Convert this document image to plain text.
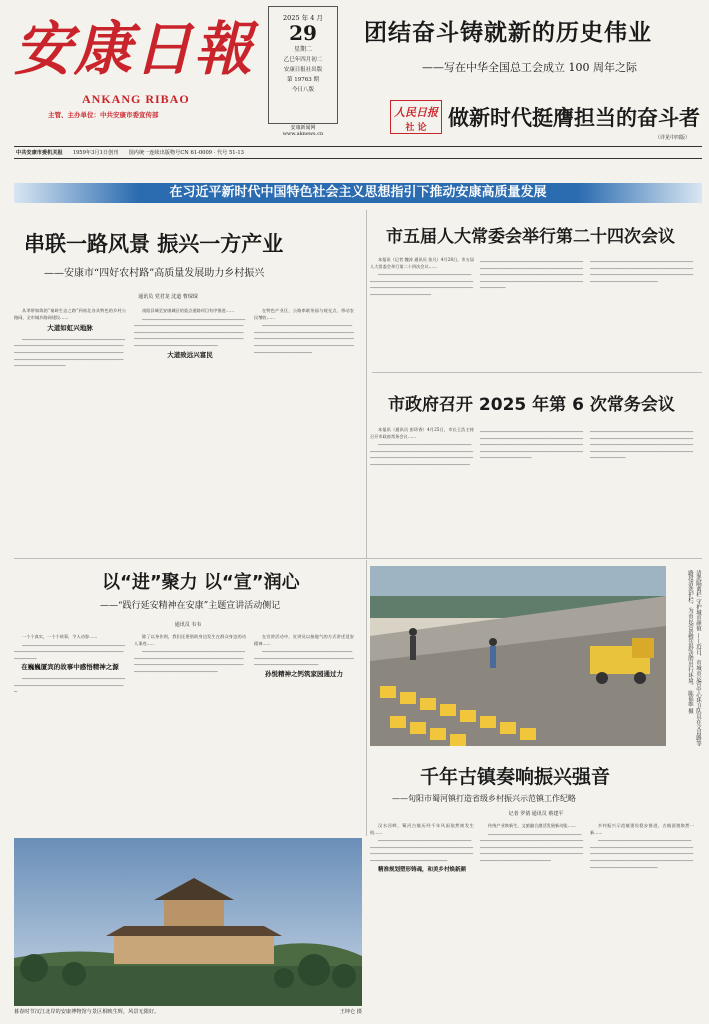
安康日報
ANKANG RIBAO
主管、主办单位：中共安康市委宣传部
2025 年 4 月
29
星期二
乙巳年四月初二
安康日报社出版
第 19763 期
今日八版
安康新闻网
www.aknews.cn
团结奋斗铸就新的历史伟业
——写在中华全国总工会成立 100 周年之际
人民日报
社 论	做新时代挺膺担当的奋斗者
（详见中四版）
中共安康市委机关报 1959年3月1日创刊 国内统一连续出版物号CN 61-0009 · 代号 51-13
在习近平新时代中国特色社会主义思想指引下推动安康高质量发展
串联一路风景 振兴一方产业
——安康市“四好农村路”高质量发展助力乡村振兴
通讯员 党君龙 沈道 曹琛琛

从翠带如练的“秦岭生态之路”到南北各具特色的乡村公路网，全市城乡路网建设……

大道如虹兴地脉

▁▁▁▁▁▁▁▁▁▁▁▁▁▁▁▁▁▁▁▁▁▁▁▁▁▁▁▁▁▁▁▁▁▁▁▁▁▁▁▁▁▁▁▁▁▁▁▁▁▁▁▁▁▁▁▁▁▁▁▁▁▁▁▁▁▁▁▁▁▁▁▁▁▁▁▁▁▁▁▁▁▁▁▁▁▁▁▁▁▁▁▁▁▁▁▁▁▁▁▁▁▁▁▁▁▁▁▁▁▁▁▁▁▁▁▁▁▁▁▁▁▁▁▁▁▁▁▁▁▁▁▁▁▁▁▁▁▁▁▁▁▁▁▁▁▁▁▁▁▁

南阳县城至安康城区的重点道路项目有序推进……

▁▁▁▁▁▁▁▁▁▁▁▁▁▁▁▁▁▁▁▁▁▁▁▁▁▁▁▁▁▁▁▁▁▁▁▁▁▁▁▁▁▁▁▁▁▁▁▁▁▁▁▁▁▁▁▁▁▁▁▁▁▁▁▁▁▁▁▁▁▁▁▁▁▁▁▁▁▁▁▁▁▁▁▁▁▁▁▁▁▁▁▁▁▁▁▁▁▁▁▁▁▁▁▁▁▁▁▁▁▁▁▁▁▁▁▁▁▁▁▁▁▁▁▁▁▁▁▁▁▁▁▁▁▁▁▁▁▁▁▁▁▁▁▁▁▁▁▁▁▁▁▁▁▁▁▁▁▁▁▁

大道致远兴富民

在特色产业区，公路串联茶园与观光点，带动农民增收……

▁▁▁▁▁▁▁▁▁▁▁▁▁▁▁▁▁▁▁▁▁▁▁▁▁▁▁▁▁▁▁▁▁▁▁▁▁▁▁▁▁▁▁▁▁▁▁▁▁▁▁▁▁▁▁▁▁▁▁▁▁▁▁▁▁▁▁▁▁▁▁▁▁▁▁▁▁▁▁▁▁▁▁▁▁▁▁▁▁▁▁▁▁▁▁▁▁▁▁▁▁▁▁▁▁▁▁▁▁▁▁▁▁▁▁▁▁▁▁▁▁▁▁▁▁▁▁▁▁▁▁▁▁▁▁▁▁▁▁

市五届人大常委会举行第二十四次会议

本报讯（记者 魏涛 通讯员 张凡）4月28日，市五届人大常委会举行第二十四次会议……

▁▁▁▁▁▁▁▁▁▁▁▁▁▁▁▁▁▁▁▁▁▁▁▁▁▁▁▁▁▁▁▁▁▁▁▁▁▁▁▁▁▁▁▁▁▁▁▁▁▁▁▁▁▁▁▁▁▁▁▁▁▁▁▁▁▁▁▁▁▁▁▁▁▁▁▁▁▁▁▁▁▁▁▁▁▁▁▁▁▁▁▁▁▁▁▁▁▁▁▁▁▁▁▁▁▁▁▁▁▁▁▁

▁▁▁▁▁▁▁▁▁▁▁▁▁▁▁▁▁▁▁▁▁▁▁▁▁▁▁▁▁▁▁▁▁▁▁▁▁▁▁▁▁▁▁▁▁▁▁▁▁▁▁▁▁▁▁▁▁▁▁▁▁▁▁▁▁▁▁▁▁▁▁▁▁▁▁▁▁▁▁▁▁▁▁▁▁▁▁▁▁▁▁▁▁▁▁▁▁▁▁▁▁▁▁▁▁▁▁▁▁▁▁▁▁▁▁▁▁▁▁▁▁▁▁▁▁▁▁▁▁▁▁▁▁▁▁▁
▁▁▁▁▁▁▁▁▁▁▁▁▁▁▁▁▁▁▁▁▁▁▁▁▁▁▁▁▁▁▁▁▁▁▁▁▁▁▁▁▁▁▁▁▁▁▁▁▁▁▁▁▁▁▁▁▁▁▁▁▁▁▁▁▁▁▁▁▁▁▁▁▁▁▁▁▁▁▁▁▁▁▁▁▁▁▁▁▁▁▁▁▁▁▁▁▁▁▁▁▁▁▁▁▁▁▁▁▁▁▁▁▁▁▁▁▁
市政府召开 2025 年第 6 次常务会议

本报讯（通讯员 彭珍香）4月25日，市长王浩主持召开市政府常务会议……

▁▁▁▁▁▁▁▁▁▁▁▁▁▁▁▁▁▁▁▁▁▁▁▁▁▁▁▁▁▁▁▁▁▁▁▁▁▁▁▁▁▁▁▁▁▁▁▁▁▁▁▁▁▁▁▁▁▁▁▁▁▁▁▁▁▁▁▁▁▁▁▁▁▁▁▁▁▁▁▁▁▁▁▁▁▁▁▁▁▁▁▁▁▁▁▁▁▁▁▁▁▁▁▁▁▁▁▁▁▁▁▁▁▁▁▁▁▁▁▁▁▁▁▁

▁▁▁▁▁▁▁▁▁▁▁▁▁▁▁▁▁▁▁▁▁▁▁▁▁▁▁▁▁▁▁▁▁▁▁▁▁▁▁▁▁▁▁▁▁▁▁▁▁▁▁▁▁▁▁▁▁▁▁▁▁▁▁▁▁▁▁▁▁▁▁▁▁▁▁▁▁▁▁▁▁▁▁▁▁▁▁▁▁▁▁▁▁▁▁▁▁▁▁▁▁▁▁▁▁▁▁▁▁▁▁▁▁▁▁▁▁▁▁▁▁▁▁▁▁▁▁▁▁▁▁▁▁▁▁▁▁▁▁▁▁▁▁▁
▁▁▁▁▁▁▁▁▁▁▁▁▁▁▁▁▁▁▁▁▁▁▁▁▁▁▁▁▁▁▁▁▁▁▁▁▁▁▁▁▁▁▁▁▁▁▁▁▁▁▁▁▁▁▁▁▁▁▁▁▁▁▁▁▁▁▁▁▁▁▁▁▁▁▁▁▁▁▁▁▁▁▁▁▁▁▁▁▁▁▁▁▁▁▁▁▁▁▁▁▁▁▁▁▁▁▁▁▁▁▁▁▁▁▁▁▁▁▁▁▁▁▁▁▁▁▁▁▁▁▁▁▁▁▁▁▁▁▁
以“进”聚力 以“宣”润心
——“践行延安精神在安康”主题宣讲活动侧记
通讯员 韦韦

一个个真实，一个个故事，令人动容……

▁▁▁▁▁▁▁▁▁▁▁▁▁▁▁▁▁▁▁▁▁▁▁▁▁▁▁▁▁▁▁▁▁▁▁▁▁▁▁▁▁▁▁▁▁▁▁▁▁▁▁▁▁▁▁▁▁▁▁▁▁▁▁▁▁▁▁▁▁▁▁▁▁

在巍巍厦宾的故事中感悟精神之源

▁▁▁▁▁▁▁▁▁▁▁▁▁▁▁▁▁▁▁▁▁▁▁▁▁▁▁▁▁▁▁▁▁▁▁▁▁▁▁▁▁▁▁▁▁▁▁▁▁▁▁▁▁▁▁▁▁▁▁▁▁▁▁▁▁▁▁

除了以身作则，我们还要借助身边发生在群众身边的动人事迹……

▁▁▁▁▁▁▁▁▁▁▁▁▁▁▁▁▁▁▁▁▁▁▁▁▁▁▁▁▁▁▁▁▁▁▁▁▁▁▁▁▁▁▁▁▁▁▁▁▁▁▁▁▁▁▁▁▁▁▁▁▁▁▁▁▁▁▁▁▁▁▁▁▁▁▁▁▁▁▁▁▁▁▁▁▁▁▁▁▁▁▁▁▁▁▁▁▁▁▁▁▁▁▁▁▁▁▁▁▁▁▁▁▁▁▁▁▁▁▁▁▁▁▁▁▁▁

在宣讲活动中，宣讲员以接地气的方式讲述延安精神……

▁▁▁▁▁▁▁▁▁▁▁▁▁▁▁▁▁▁▁▁▁▁▁▁▁▁▁▁▁▁▁▁▁▁▁▁▁▁▁▁▁▁▁▁▁▁▁▁▁▁▁▁▁▁▁▁▁▁▁▁▁▁▁▁▁▁▁▁▁▁▁▁▁▁▁▁▁▁▁

孙悦精神之钙筑家园通过力	清洗隔离栏 守护城市颜值 ——近日，市城市运营中心环卫队员在文昌路等路段清洗护栏，为市民营造整洁舒适的出行环境。 陈福维 摄
千年古镇奏响振兴强音
——旬阳市蜀河镇打造省级乡村振兴示范镇工作纪略
记者 罗倩 通讯员 蔡建平

汉水河畔，蜀河古镇历经千年风雨依然焕发生机……

▁▁▁▁▁▁▁▁▁▁▁▁▁▁▁▁▁▁▁▁▁▁▁▁▁▁▁▁▁▁▁▁▁▁▁▁▁▁▁▁▁▁▁▁▁▁▁▁▁▁▁▁▁▁▁▁▁▁▁▁▁▁▁▁▁▁▁▁▁▁▁▁▁▁▁▁▁▁▁▁▁▁▁▁▁▁▁▁▁▁▁▁▁▁▁▁▁▁▁▁▁▁▁▁▁▁▁▁▁▁▁▁▁▁▁▁▁

精准规划塑形铸魂，和美乡村焕新颜

传统产业焕新生，文旅融合激活发展新动能……

▁▁▁▁▁▁▁▁▁▁▁▁▁▁▁▁▁▁▁▁▁▁▁▁▁▁▁▁▁▁▁▁▁▁▁▁▁▁▁▁▁▁▁▁▁▁▁▁▁▁▁▁▁▁▁▁▁▁▁▁▁▁▁▁▁▁▁▁▁▁▁▁▁▁▁▁▁▁▁▁▁▁▁▁▁▁▁▁▁▁▁▁▁▁▁▁▁▁▁▁▁▁▁▁▁▁▁▁▁▁▁▁▁▁▁▁▁▁▁▁▁▁▁▁▁▁▁▁▁▁▁▁▁▁▁▁▁▁▁▁▁▁▁▁▁▁▁

乡村振兴示范镇建设稳步推进，古镇面貌焕然一新……

▁▁▁▁▁▁▁▁▁▁▁▁▁▁▁▁▁▁▁▁▁▁▁▁▁▁▁▁▁▁▁▁▁▁▁▁▁▁▁▁▁▁▁▁▁▁▁▁▁▁▁▁▁▁▁▁▁▁▁▁▁▁▁▁▁▁▁▁▁▁▁▁▁▁▁▁▁▁▁▁▁▁▁▁▁▁▁▁▁▁▁▁▁▁▁▁▁▁▁▁▁▁▁▁▁▁▁▁▁▁▁▁▁▁▁▁▁▁▁▁▁▁▁▁▁▁▁▁▁▁▁▁▁▁▁▁▁▁▁▁▁▁▁▁▁▁

暮春时节汉江北岸的安康博物馆与景区相映生辉，风景无限好。	王坤仑 摄
